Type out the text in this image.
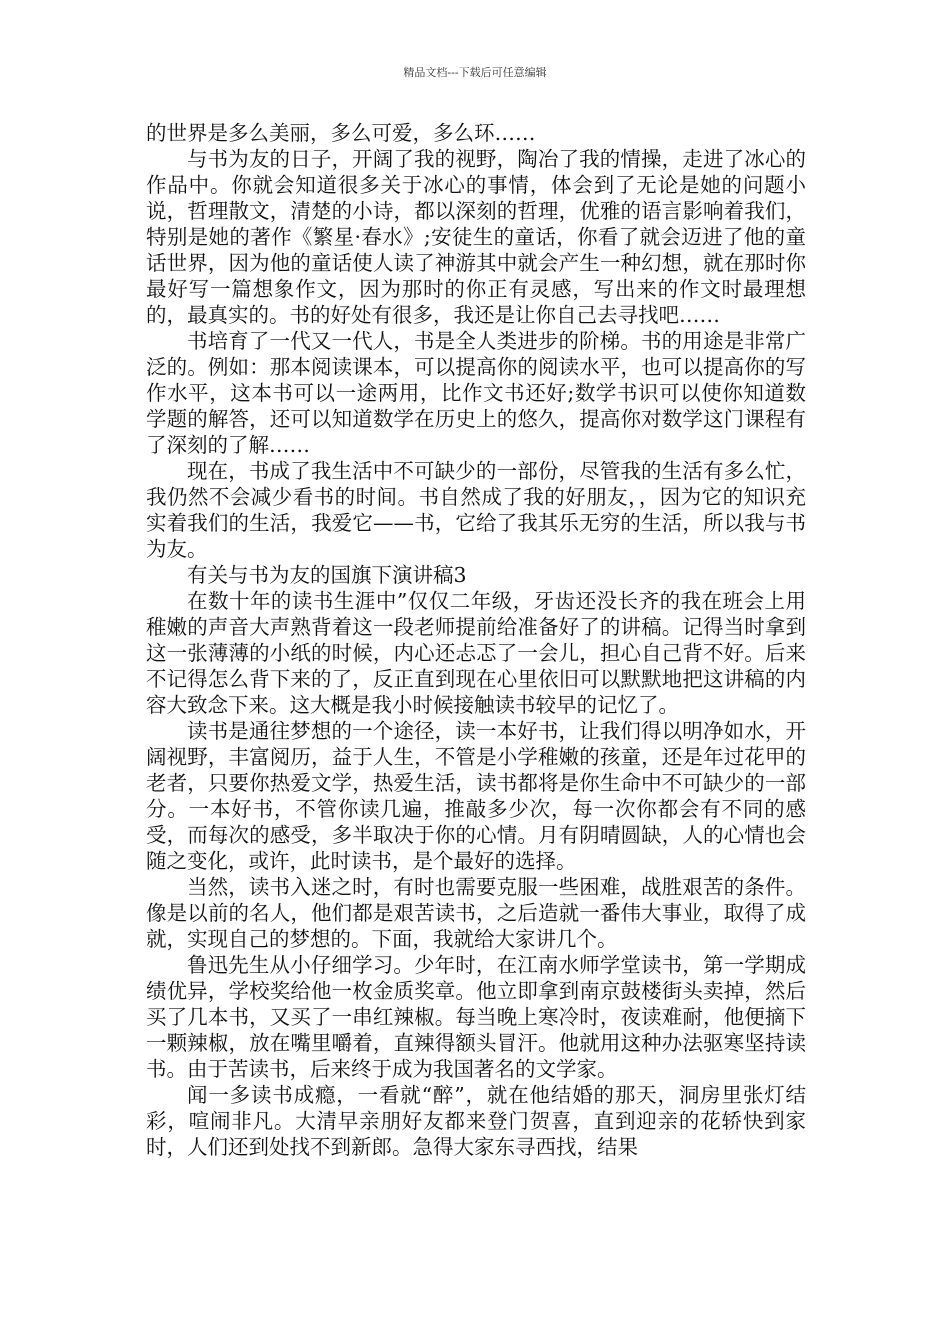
精品文档---下载后可任意编辑

的世界是多么美丽，多么可爱，多么环……

与书为友的日子，开阔了我的视野，陶冶了我的情操，走进了冰心的作品中。你就会知道很多关于冰心的事情，体会到了无论是她的问题小说，哲理散文，清楚的小诗，都以深刻的哲理，优雅的语言影响着我们，特别是她的著作《繁星·春水》;安徒生的童话，你看了就会迈进了他的童话世界，因为他的童话使人读了神游其中就会产生一种幻想，就在那时你最好写一篇想象作文，因为那时的你正有灵感，写出来的作文时最理想的，最真实的。书的好处有很多，我还是让你自己去寻找吧……

书培育了一代又一代人，书是全人类进步的阶梯。书的用途是非常广泛的。例如：那本阅读课本，可以提高你的阅读水平，也可以提高你的写作水平，这本书可以一途两用，比作文书还好;数学书识可以使你知道数学题的解答，还可以知道数学在历史上的悠久，提高你对数学这门课程有了深刻的了解……

现在，书成了我生活中不可缺少的一部份，尽管我的生活有多么忙，我仍然不会减少看书的时间。书自然成了我的好朋友，，因为它的知识充实着我们的生活，我爱它——书，它给了我其乐无穷的生活，所以我与书为友。

有关与书为友的国旗下演讲稿3

在数十年的读书生涯中”仅仅二年级，牙齿还没长齐的我在班会上用稚嫩的声音大声熟背着这一段老师提前给准备好了的讲稿。记得当时拿到这一张薄薄的小纸的时候，内心还忐忑了一会儿，担心自己背不好。后来不记得怎么背下来的了，反正直到现在心里依旧可以默默地把这讲稿的内容大致念下来。这大概是我小时候接触读书较早的记忆了。

读书是通往梦想的一个途径，读一本好书，让我们得以明净如水，开阔视野，丰富阅历，益于人生，不管是小学稚嫩的孩童，还是年过花甲的老者，只要你热爱文学，热爱生活，读书都将是你生命中不可缺少的一部分。一本好书，不管你读几遍，推敲多少次，每一次你都会有不同的感受，而每次的感受，多半取决于你的心情。月有阴晴圆缺，人的心情也会随之变化，或许，此时读书，是个最好的选择。

当然，读书入迷之时，有时也需要克服一些困难，战胜艰苦的条件。像是以前的名人，他们都是艰苦读书，之后造就一番伟大事业，取得了成就，实现自己的梦想的。下面，我就给大家讲几个。

鲁迅先生从小仔细学习。少年时，在江南水师学堂读书，第一学期成绩优异，学校奖给他一枚金质奖章。他立即拿到南京鼓楼街头卖掉，然后买了几本书，又买了一串红辣椒。每当晚上寒冷时，夜读难耐，他便摘下一颗辣椒，放在嘴里嚼着，直辣得额头冒汗。他就用这种办法驱寒坚持读书。由于苦读书，后来终于成为我国著名的文学家。

闻一多读书成瘾，一看就“醉”，就在他结婚的那天，洞房里张灯结彩，喧闹非凡。大清早亲朋好友都来登门贺喜，直到迎亲的花轿快到家时，人们还到处找不到新郎。急得大家东寻西找，结果
